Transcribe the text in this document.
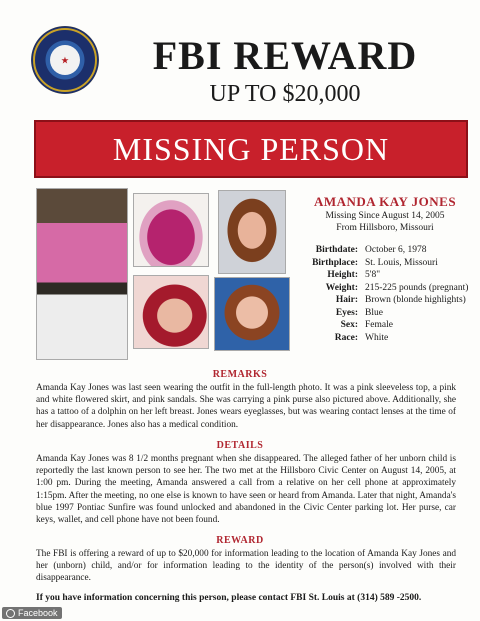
★	FBI REWARD
UP TO $20,000
MISSING PERSON
AMANDA KAY JONES
Missing Since August 14, 2005
From Hillsboro, Missouri
Birthdate: October 6, 1978
Birthplace: St. Louis, Missouri
Height: 5'8"
Weight: 215-225 pounds (pregnant)
Hair: Brown (blonde highlights)
Eyes: Blue
Sex: Female
Race: White
REMARKS
Amanda Kay Jones was last seen wearing the outfit in the full-length photo. It was a pink sleeveless top, a pink and white flowered skirt, and pink sandals. She was carrying a pink purse also pictured above. Additionally, she has a tattoo of a dolphin on her left breast. Jones wears eyeglasses, but was wearing contact lenses at the time of her disappearance. Jones also has a medical condition.
DETAILS
Amanda Kay Jones was 8 1/2 months pregnant when she disappeared. The alleged father of her unborn child is reportedly the last known person to see her. The two met at the Hillsboro Civic Center on August 14, 2005, at 1:00 pm. During the meeting, Amanda answered a call from a relative on her cell phone at approximately 1:15pm. After the meeting, no one else is known to have seen or heard from Amanda. Later that night, Amanda's blue 1997 Pontiac Sunfire was found unlocked and abandoned in the Civic Center parking lot. Her purse, car keys, wallet, and cell phone have not been found.
REWARD
The FBI is offering a reward of up to $20,000 for information leading to the location of Amanda Kay Jones and her (unborn) child, and/or for information leading to the identity of the person(s) involved with their disappearance.
If you have information concerning this person, please contact FBI St. Louis at (314) 589 -2500.
Facebook
